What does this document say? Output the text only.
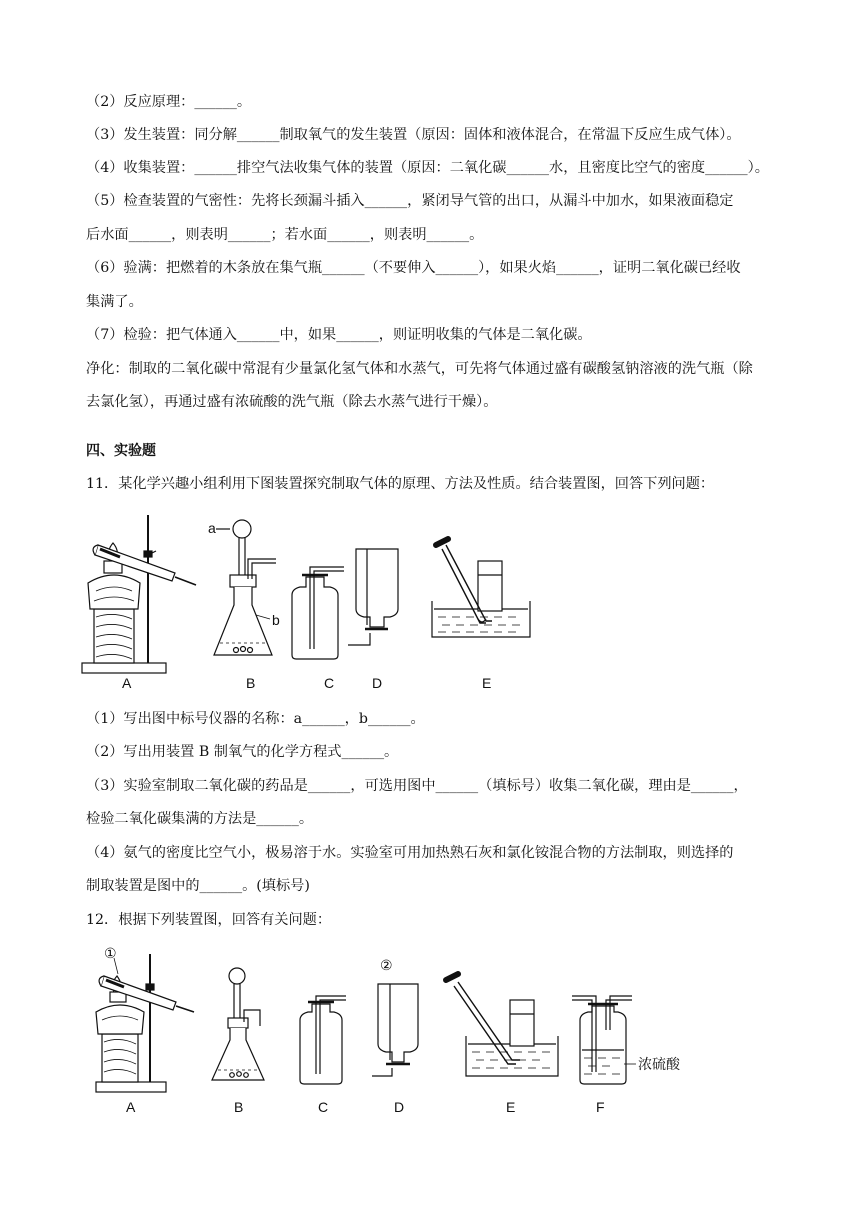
（2）反应原理：______。
（3）发生装置：同分解______制取氧气的发生装置（原因：固体和液体混合，在常温下反应生成气体）。
（4）收集装置：______排空气法收集气体的装置（原因：二氧化碳______水，且密度比空气的密度______）。
（5）检查装置的气密性：先将长颈漏斗插入______，紧闭导气管的出口，从漏斗中加水，如果液面稳定
后水面______，则表明______；若水面______，则表明______。
（6）验满：把燃着的木条放在集气瓶______（不要伸入______），如果火焰______，证明二氧化碳已经收
集满了。
（7）检验：把气体通入______中，如果______，则证明收集的气体是二氧化碳。
净化：制取的二氧化碳中常混有少量氯化氢气体和水蒸气，可先将气体通过盛有碳酸氢钠溶液的洗气瓶（除
去氯化氢），再通过盛有浓硫酸的洗气瓶（除去水蒸气进行干燥）。
四、实验题
11．某化学兴趣小组利用下图装置探究制取气体的原理、方法及性质。结合装置图，回答下列问题：
a
b
A	B	C	D	E
（1）写出图中标号仪器的名称：a______，b______。
（2）写出用装置 B 制氧气的化学方程式______。
（3）实验室制取二氧化碳的药品是______，可选用图中______（填标号）收集二氧化碳，理由是______，
检验二氧化碳集满的方法是______。
（4）氨气的密度比空气小，极易溶于水。实验室可用加热熟石灰和氯化铵混合物的方法制取，则选择的
制取装置是图中的______。(填标号)
12．根据下列装置图，回答有关问题：
①
②
浓硫酸
A	B	C	D	E	F
